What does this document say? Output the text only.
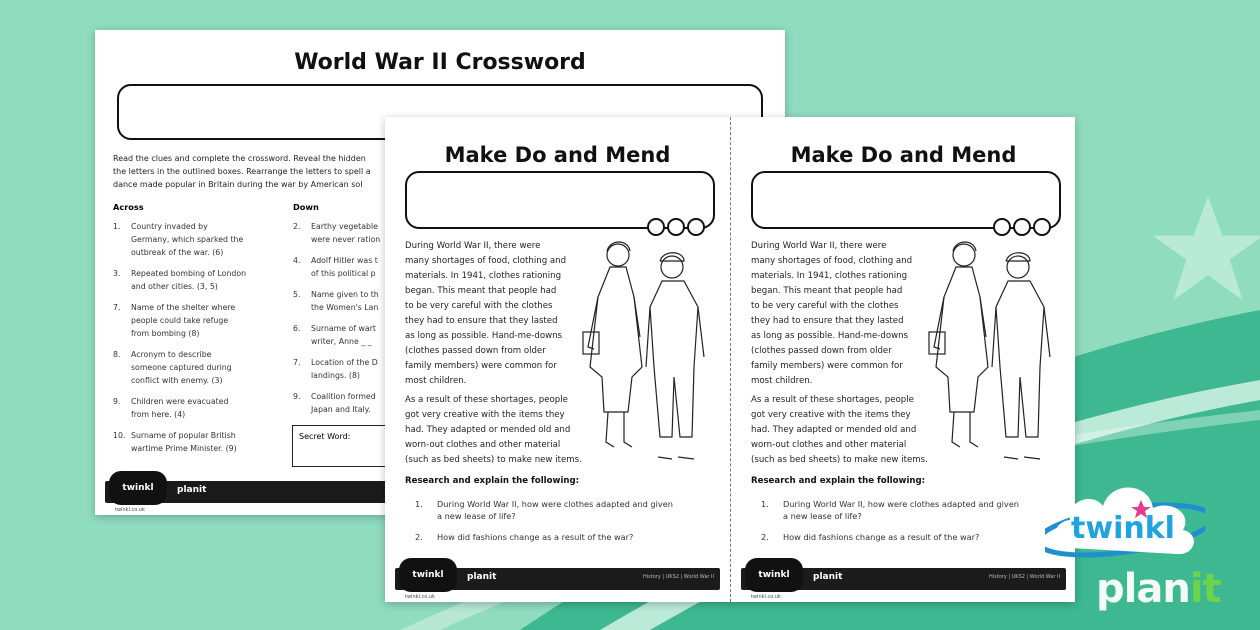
World War II Crossword
Read the clues and complete the crossword. Reveal the hidden
the letters in the outlined boxes. Rearrange the letters to spell a
dance made popular in Britain during the war by American sol
Across	Down
1. Country invaded by
Germany, which sparked the
outbreak of the war. (6)
3. Repeated bombing of London
and other cities. (3, 5)
7. Name of the shelter where
people could take refuge
from bombing (8)
8. Acronym to describe
someone captured during
conflict with enemy. (3)
9. Children were evacuated
from here. (4)
10. Surname of popular British
wartime Prime Minister. (9)
2. Earthy vegetable
were never ration
4. Adolf Hitler was t
of this political p
5. Name given to th
the Women's Lan
6. Surname of wart
writer, Anne _ _
7. Location of the D
landings. (8)
9. Coalition formed
Japan and Italy.
Secret Word:
twinkl	planit
twinkl.co.uk
Make Do and Mend
During World War II, there were
many shortages of food, clothing and
materials. In 1941, clothes rationing
began. This meant that people had
to be very careful with the clothes
they had to ensure that they lasted
as long as possible. Hand-me-downs
(clothes passed down from older
family members) were common for
most children.
As a result of these shortages, people
got very creative with the items they
had. They adapted or mended old and
worn-out clothes and other material
(such as bed sheets) to make new items.
Research and explain the following:
1. During World War II, how were clothes adapted and given
a new lease of life?
2. How did fashions change as a result of the war?
twinkl	planit	History | UKS2 | World War II
twinkl.co.uk
Make Do and Mend
During World War II, there were
many shortages of food, clothing and
materials. In 1941, clothes rationing
began. This meant that people had
to be very careful with the clothes
they had to ensure that they lasted
as long as possible. Hand-me-downs
(clothes passed down from older
family members) were common for
most children.
As a result of these shortages, people
got very creative with the items they
had. They adapted or mended old and
worn-out clothes and other material
(such as bed sheets) to make new items.
Research and explain the following:
1. During World War II, how were clothes adapted and given
a new lease of life?
2. How did fashions change as a result of the war?
twinkl	planit	History | UKS2 | World War II
twinkl.co.uk
twinkl
planit
